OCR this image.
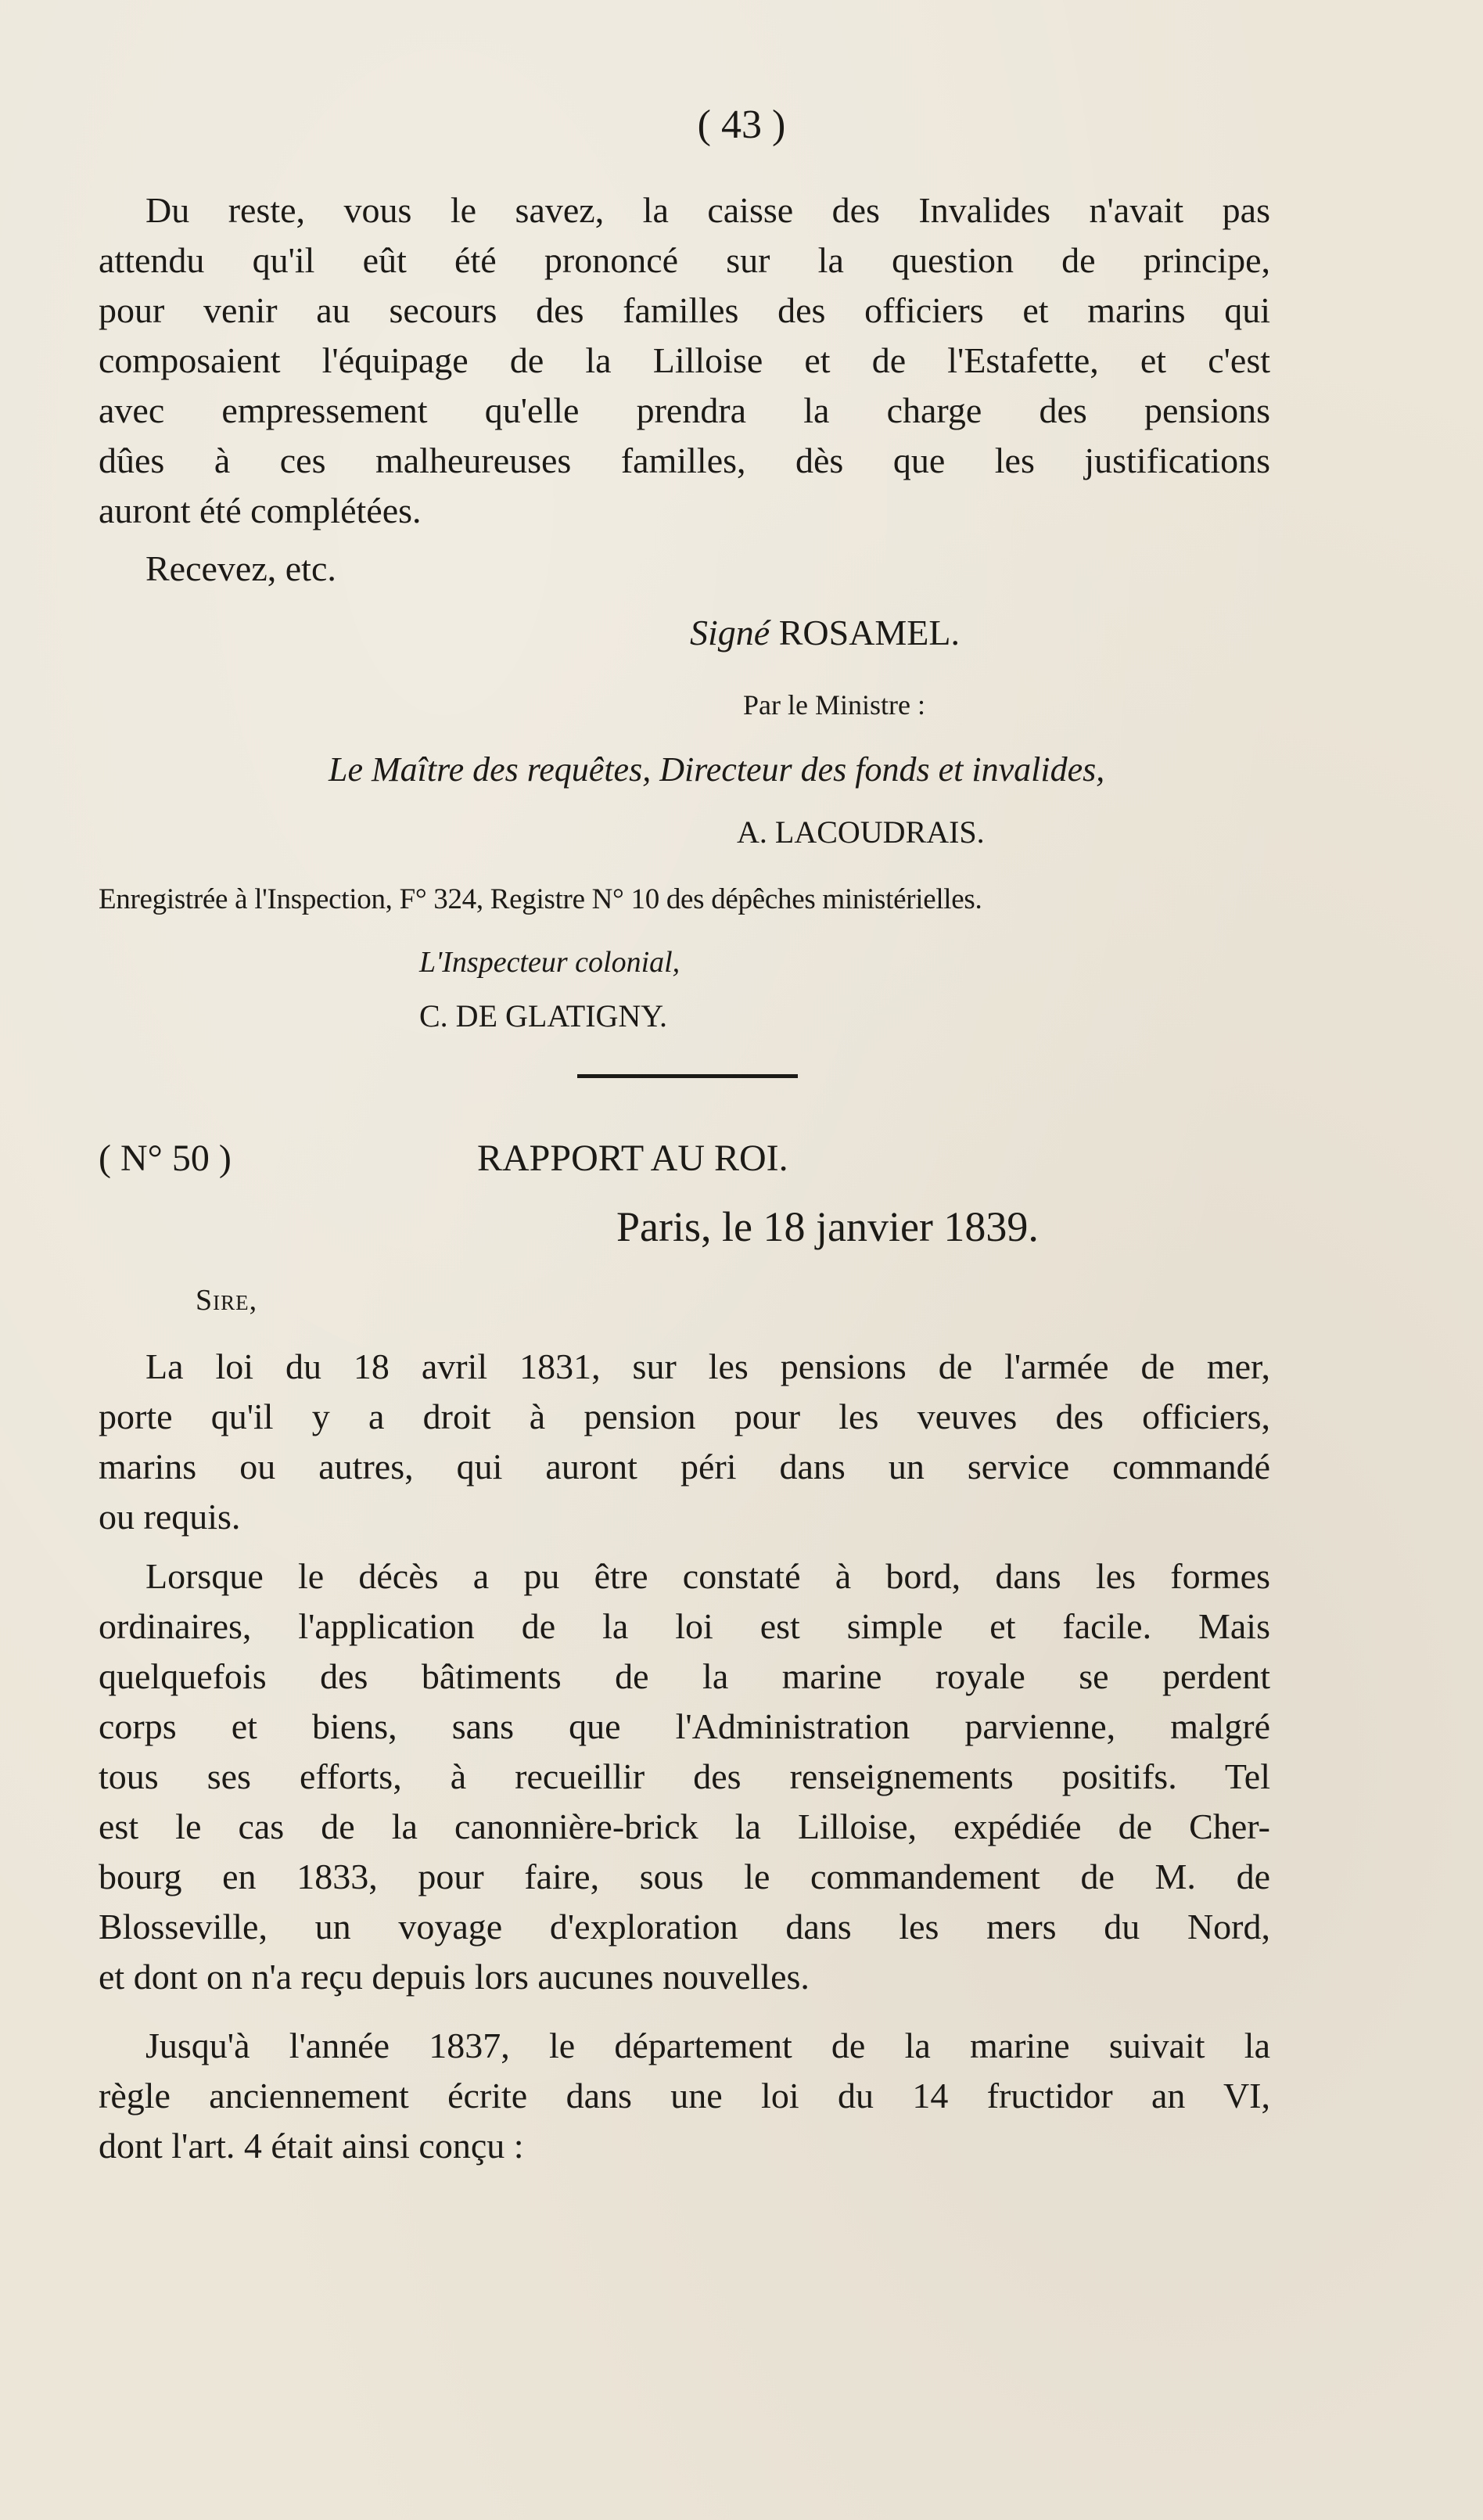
( 43 )
Du reste, vous le savez, la caisse des Invalides n'avait pas
attendu qu'il eût été prononcé sur la question de principe,
pour venir au secours des familles des officiers et marins qui
composaient l'équipage de la Lilloise et de l'Estafette, et c'est
avec empressement qu'elle prendra la charge des pensions
dûes à ces malheureuses familles, dès que les justifications
auront été complétées.
Recevez, etc.
Signé ROSAMEL.
Par le Ministre :
Le Maître des requêtes, Directeur des fonds et invalides,
A. LACOUDRAIS.
Enregistrée à l'Inspection, F° 324, Registre N° 10 des dépêches ministérielles.
L'Inspecteur colonial,
C. DE GLATIGNY.
( N° 50 )	RAPPORT AU ROI.
Paris, le 18 janvier 1839.
Sire,
La loi du 18 avril 1831, sur les pensions de l'armée de mer,
porte qu'il y a droit à pension pour les veuves des officiers,
marins ou autres, qui auront péri dans un service commandé
ou requis.
Lorsque le décès a pu être constaté à bord, dans les formes
ordinaires, l'application de la loi est simple et facile. Mais
quelquefois des bâtiments de la marine royale se perdent
corps et biens, sans que l'Administration parvienne, malgré
tous ses efforts, à recueillir des renseignements positifs. Tel
est le cas de la canonnière-brick la Lilloise, expédiée de Cher-
bourg en 1833, pour faire, sous le commandement de M. de
Blosseville, un voyage d'exploration dans les mers du Nord,
et dont on n'a reçu depuis lors aucunes nouvelles.
Jusqu'à l'année 1837, le département de la marine suivait la
règle anciennement écrite dans une loi du 14 fructidor an VI,
dont l'art. 4 était ainsi conçu :
